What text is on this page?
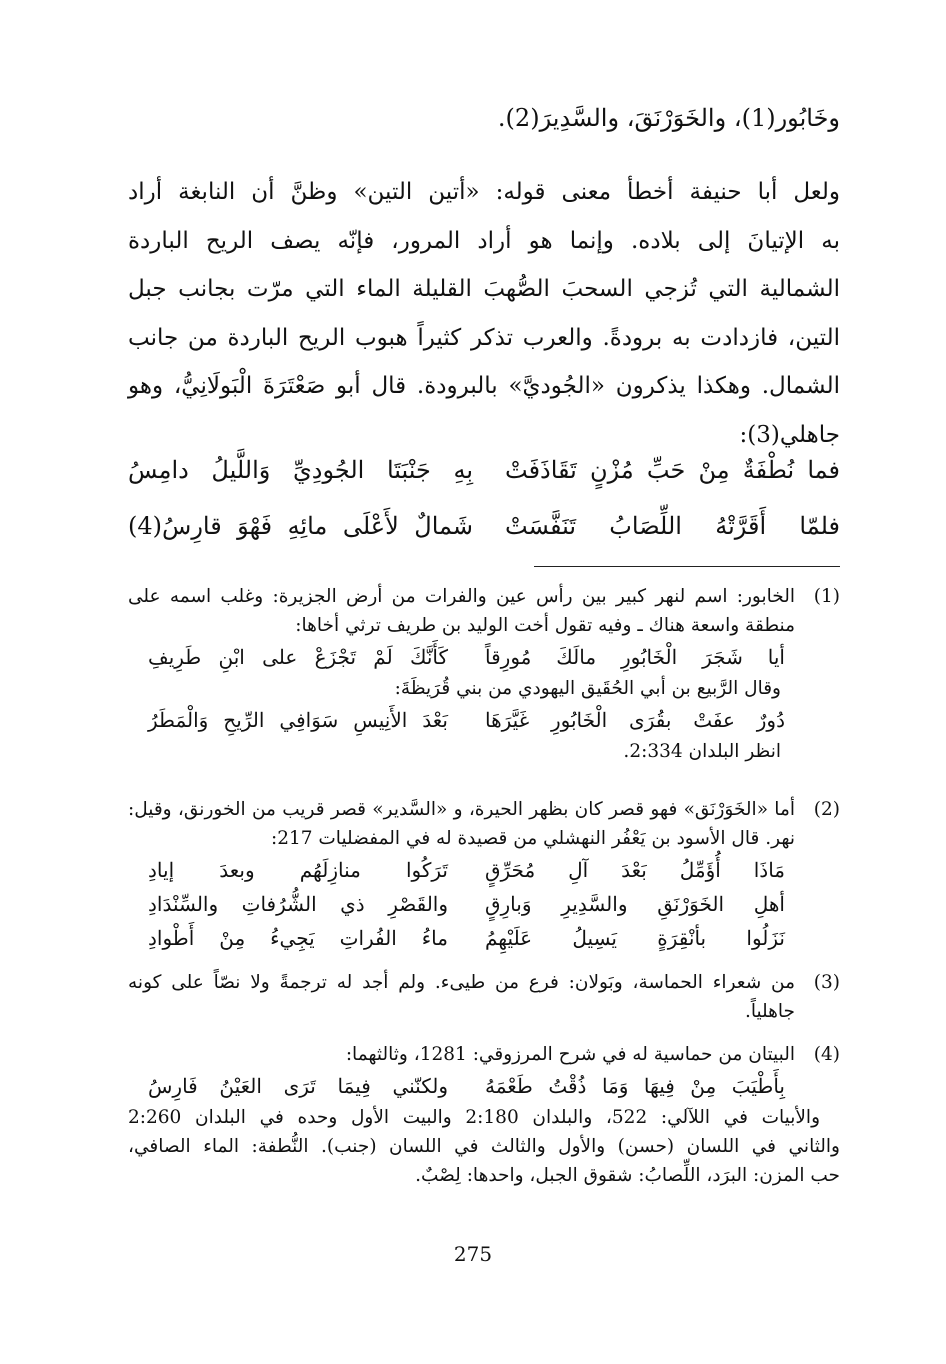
وخَابُور(1)، والخَوَرْنَقَ، والسَّدِيرَ(2).

ولعل أبا حنيفة أخطأ معنى قوله: «أتين التين» وظنَّ أن النابغة أراد

به الإتيانَ إلى بلاده. وإنما هو أراد المرور، فإنّه يصف الريح الباردة

الشمالية التي تُزجي السحبَ الصُّهبَ القليلة الماء التي مرّت بجانب جبل

التين، فازدادت به برودةً. والعرب تذكر كثيراً هبوب الريح الباردة من جانب

الشمال. وهكذا يذكرون «الجُوديَّ» بالبرودة. قال أبو صَعْتَرَةَ الْبَولَانِيُّ، وهو

جاهلي(3):

فما نُطْفَةٌ مِنْ حَبِّ مُزْنٍ تَقَاذَفَتْ
بِهِ جَنْبَتَا الجُودِيِّ وَاللَّيلُ دامِسُ
فلمّا أَقَرَّتْهُ اللِّصَابُ تَنَفَّسَتْ
شَمالٌ لأَعْلَى مائِهِ فَهْوَ قارِسُ(4)
(1)

الخابور: اسم لنهر كبير بين رأس عين والفرات من أرض الجزيرة: وغلب اسمه على

منطقة واسعة هناك ـ وفيه تقول أخت الوليد بن طريف ترثي أخاها:

أيا شَجَرَ الْخَابُورِ مالَكَ مُورِقاً
كَأَنَّكَ لَمْ تَجْزَعْ على ابْنِ طَرِيفِ

وقال الرَّبيع بن أبي الحُقَيق اليهودي من بني قُرَيظَةَ:

دُورٌ عفَتْ بقُرَى الْخَابُورِ غَيَّرَهَا
بَعْدَ الأَنِيسِ سَوَافِي الرِّيحِ وَالْمَطَرُ

انظر البلدان 2:334.

(2)

أما «الخَوَرْنَق» فهو قصر كان بظهر الحيرة، و «السَّدير» قصر قريب من الخورنق، وقيل:

نهر. قال الأسود بن يَعْفُر النهشلي من قصيدة له في المفضليات 217:

مَاذَا أُؤَمِّلُ بَعْدَ آلِ مُحَرِّقٍ
تَرَكُوا منازِلَهُم وبعدَ إيادِ
أهلِ الخَوَرْنَقِ والسَّدِيرِ وَبارِقٍ
والقَصْرِ ذي الشُّرُفاتِ والسِّنْدَادِ
نَزَلُوا بأنْقِرَةٍ يَسِيلُ عَلَيْهِمُ
ماءُ الفُراتِ يَجِيءُ مِنْ أَطْوادِ
(3)

من شعراء الحماسة، وبَولان: فرع من طيىء. ولم أجد له ترجمةً ولا نصّاً على كونه

جاهلياً.

(4)

البيتان من حماسية له في شرح المرزوقي: 1281، وثالثهما:

بِأَطْيَبَ مِنْ فِيهَا وَمَا ذُقْتُ طَعْمَهُ
ولكنّني فِيمَا تَرَى العَيْنُ فَارِسُ

والأبيات في اللآلي: 522، والبلدان 2:180 والبيت الأول وحده في البلدان 2:260

والثاني في اللسان (حسن) والأول والثالث في اللسان (جنب). النُّطفة: الماء الصافي،

حب المزن: البرَد، اللِّصابُ: شقوق الجبل، واحدها: لِصْبٌ.

275
